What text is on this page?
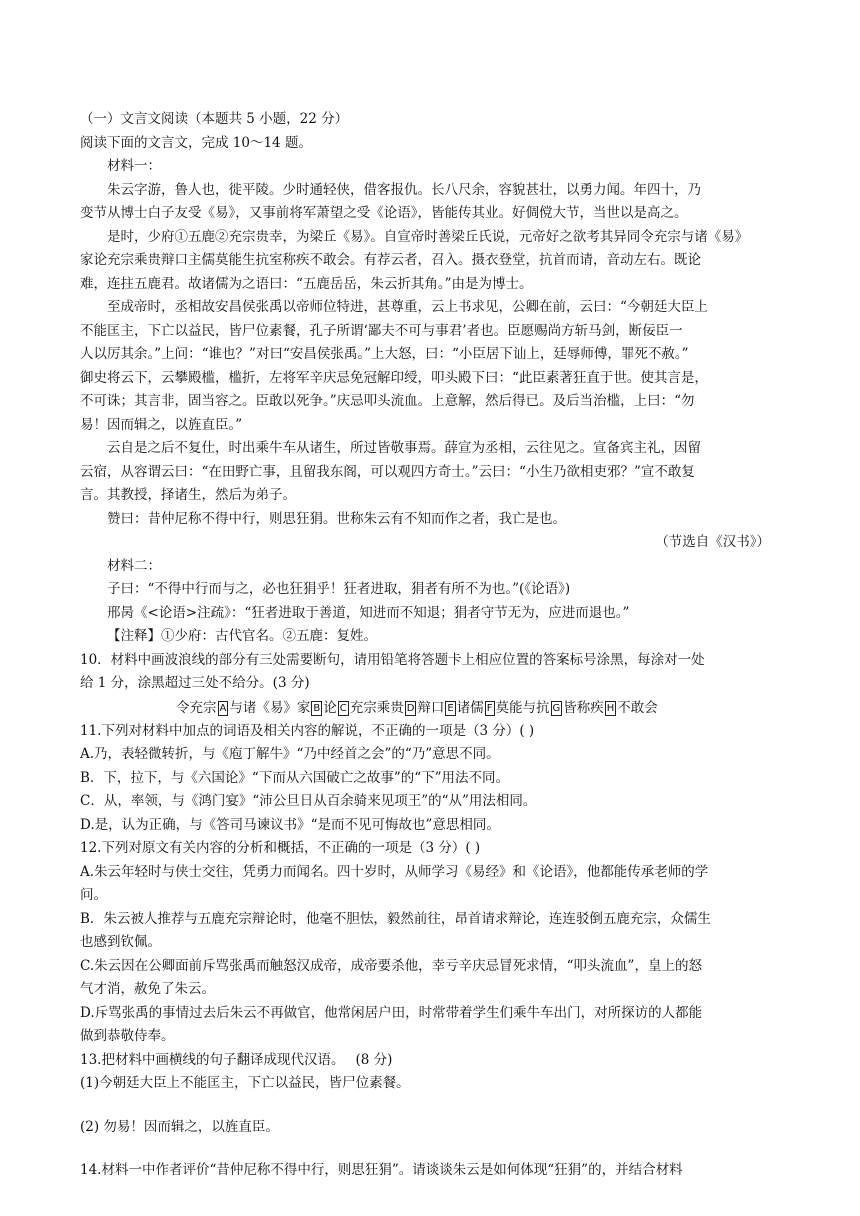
（一）文言文阅读（本题共 5 小题，22 分）
阅读下面的文言文，完成 10～14 题。
材料一：
朱云字游，鲁人也，徙平陵。少时通轻侠，借客报仇。长八尺余，容貌甚壮，以勇力闻。年四十，乃
变节从博士白子友受《易》，又事前将军萧望之受《论语》，皆能传其业。好倜傥大节，当世以是高之。
是时，少府①五鹿②充宗贵幸，为梁丘《易》。自宣帝时善梁丘氏说，元帝好之欲考其异同令充宗与诸《易》
家论充宗乘贵辩口主儒莫能生抗室称疾不敢会。有荐云者，召入。摄衣登堂，抗首而请，音动左右。既论
难，连拄五鹿君。故诸儒为之语曰：“五鹿岳岳，朱云折其角。”由是为博士。
至成帝时，丞相故安昌侯张禹以帝师位特进，甚尊重，云上书求见，公卿在前，云曰：“今朝廷大臣上
不能匡主，下亡以益民，皆尸位素餐，孔子所谓‘鄙夫不可与事君’者也。臣愿赐尚方斩马剑，断佞臣一
人以厉其余。”上问：“谁也？”对曰“安昌侯张禹。”上大怒，曰：“小臣居下讪上，廷辱师傅，罪死不赦。”
御史将云下，云攀殿槛，槛折，左将军辛庆忌免冠解印绶，叩头殿下曰：“此臣素著狂直于世。使其言是，
不可诛；其言非，固当容之。臣敢以死争。”庆忌叩头流血。上意解，然后得已。及后当治槛，上曰：“勿
易！因而辑之，以旌直臣。”
云自是之后不复仕，时出乘牛车从诸生，所过皆敬事焉。薛宣为丞相，云往见之。宣备宾主礼，因留
云宿，从容谓云曰：“在田野亡事，且留我东阁，可以观四方奇士。”云曰：“小生乃欲相吏邪？”宣不敢复
言。其教授，择诸生，然后为弟子。
赞曰：昔仲尼称不得中行，则思狂狷。世称朱云有不知而作之者，我亡是也。
（节选自《汉书》）
材料二：
子曰：“不得中行而与之，必也狂狷乎！狂者进取，狷者有所不为也。”(《论语》)
邢昺《<论语>注疏》：“狂者进取于善道，知进而不知退；狷者守节无为，应进而退也。”
【注释】①少府：古代官名。②五鹿：复姓。
10．材料中画波浪线的部分有三处需要断句，请用铅笔将答题卡上相应位置的答案标号涂黑，每涂对一处
给 1 分，涂黑超过三处不给分。(3 分)
令充宗 A 与诸《易》家 B 论 C 充宗乘贵 D 辩口 E 诸儒 F 莫能与抗 G 皆称疾 H 不敢会
11.下列对材料中加点的词语及相关内容的解说，不正确的一项是（3 分）( )
A.乃，表轻微转折，与《庖丁解牛》“乃中经首之会”的“乃”意思不同。
B．下，拉下，与《六国论》“下而从六国破亡之故事”的“下”用法不同。
C．从，率领，与《鸿门宴》“沛公旦日从百余骑来见项王”的“从”用法相同。
D.是，认为正确，与《答司马谏议书》“是而不见可悔故也”意思相同。
12.下列对原文有关内容的分析和概括，不正确的一项是（3 分）( )
A.朱云年轻时与侠士交往，凭勇力而闻名。四十岁时，从师学习《易经》和《论语》，他都能传承老师的学
问。
B．朱云被人推荐与五鹿充宗辩论时，他毫不胆怯，毅然前往，昂首请求辩论，连连驳倒五鹿充宗，众儒生
也感到钦佩。
C.朱云因在公卿面前斥骂张禹而触怒汉成帝，成帝要杀他，幸亏辛庆忌冒死求情，“叩头流血”，皇上的怒
气才消，赦免了朱云。
D.斥骂张禹的事情过去后朱云不再做官，他常闲居户田，时常带着学生们乘牛车出门，对所探访的人都能
做到恭敬侍奉。
13.把材料中画横线的句子翻译成现代汉语。　 (8 分)
(1)今朝廷大臣上不能匡主，下亡以益民，皆尸位素餐。
(2) 勿易！因而辑之，以旌直臣。
14.材料一中作者评价“昔仲尼称不得中行，则思狂狷”。请谈谈朱云是如何体现“狂狷”的，并结合材料
